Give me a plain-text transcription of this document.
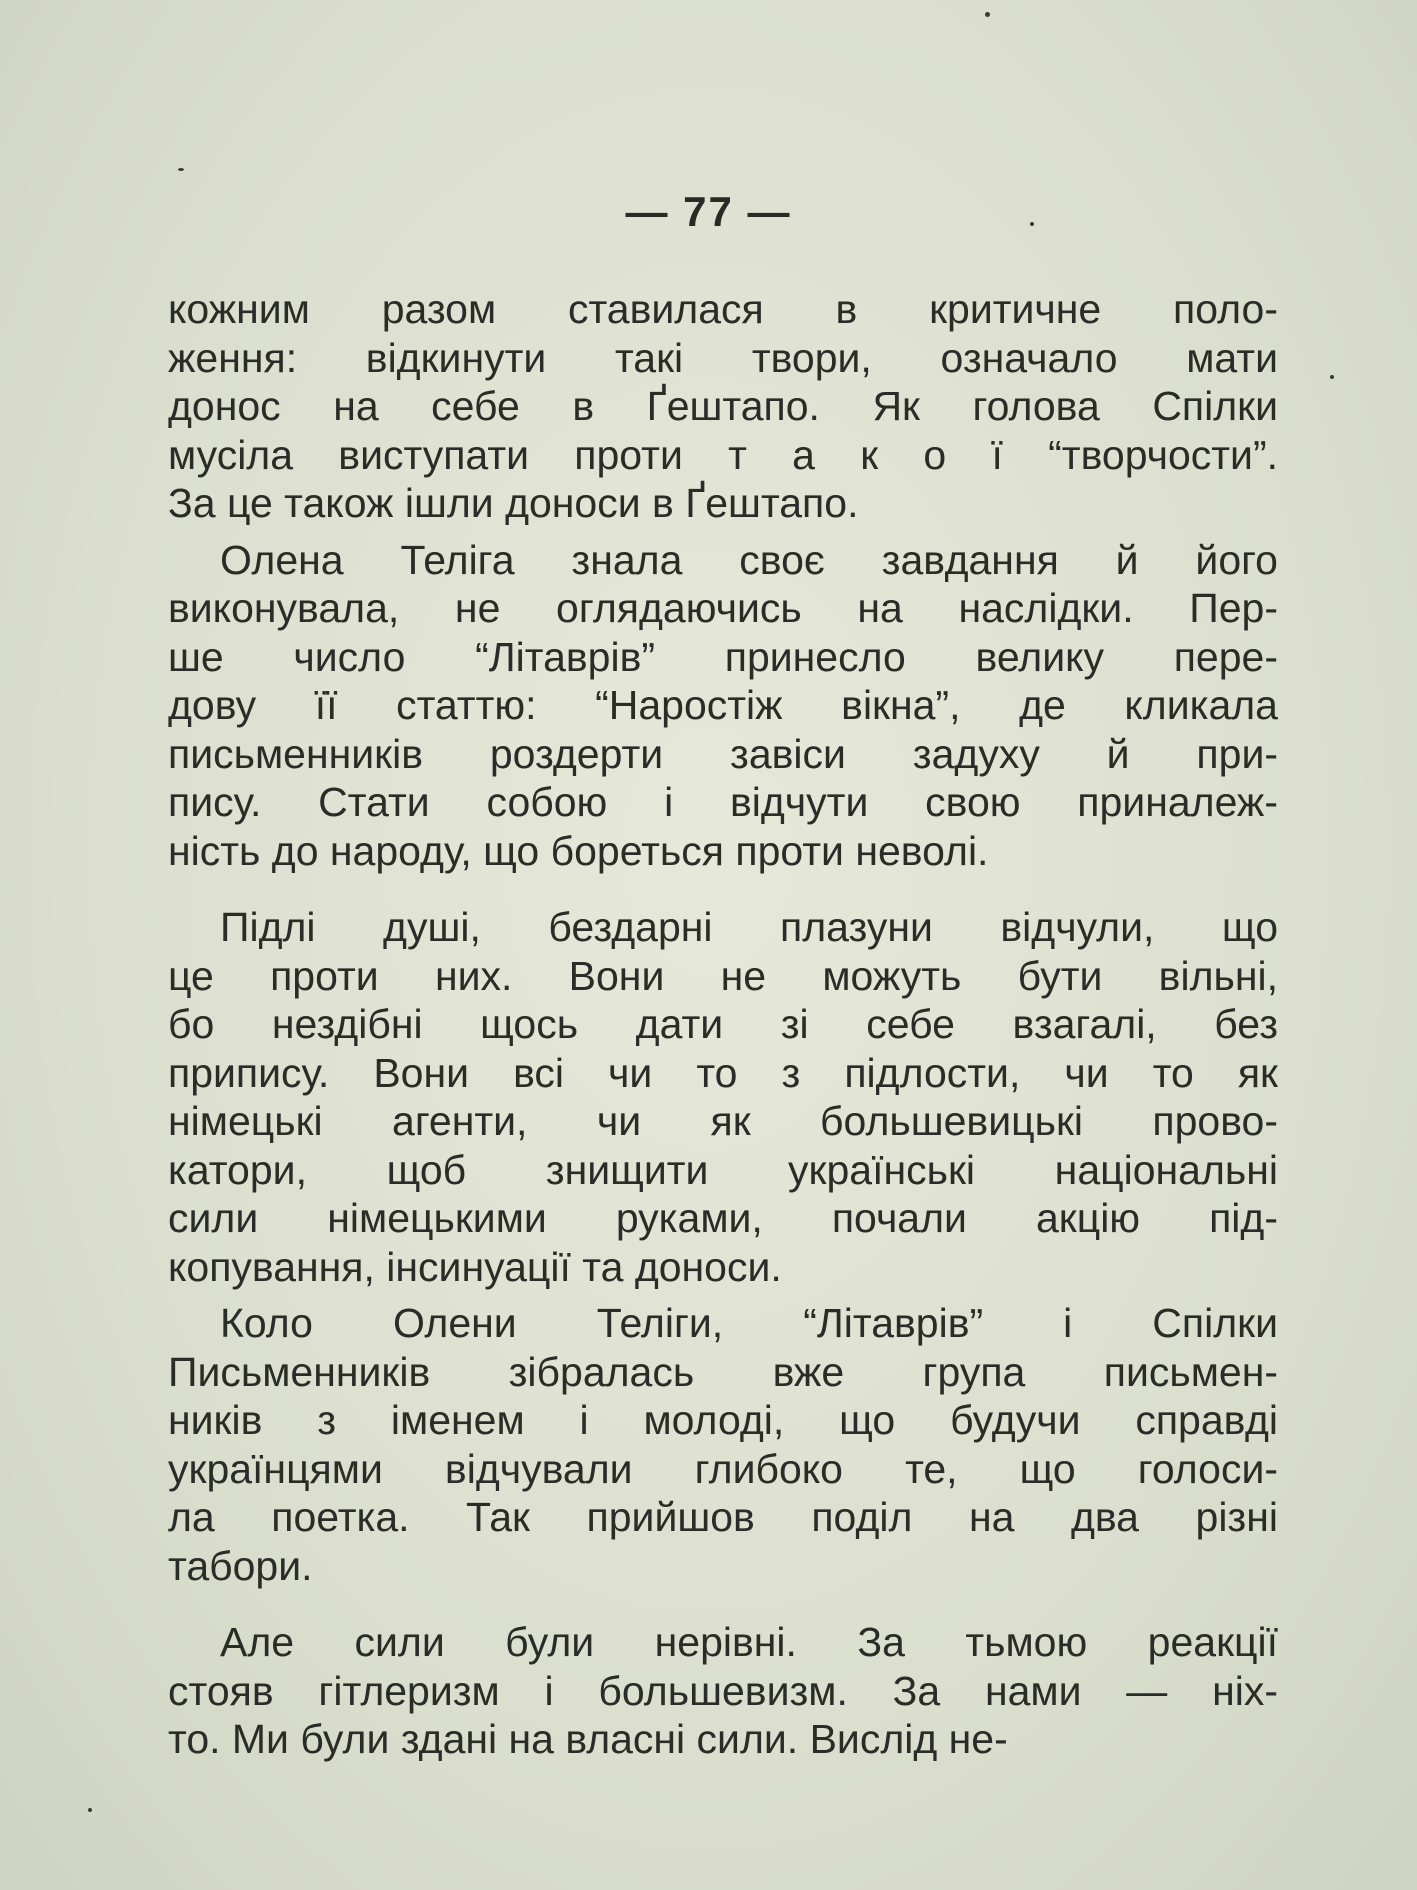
— 77 —
кожним разом ставилася в критичне поло-
ження: відкинути такі твори, означало мати
донос на себе в Ґештапо. Як голова Спілки
мусіла виступати проти т а к о ї “творчости”.
За це також ішли доноси в Ґештапо.
Олена Теліга знала своє завдання й його
виконувала, не оглядаючись на наслідки. Пер-
ше число “Літаврів” принесло велику пере-
дову її статтю: “Наростіж вікна”, де кликала
письменників роздерти завіси задуху й при-
пису. Стати собою і відчути свою приналеж-
ність до народу, що бореться проти неволі.
Підлі душі, бездарні плазуни відчули, що
це проти них. Вони не можуть бути вільні,
бо нездібні щось дати зі себе взагалі, без
припису. Вони всі чи то з підлости, чи то як
німецькі агенти, чи як большевицькі прово-
катори, щоб знищити українські національні
сили німецькими руками, почали акцію під-
копування, інсинуації та доноси.
Коло Олени Теліги, “Літаврів” і Спілки
Письменників зібралась вже група письмен-
ників з іменем і молоді, що будучи справді
українцями відчували глибоко те, що голоси-
ла поетка. Так прийшов поділ на два різні
табори.
Але сили були нерівні. За тьмою реакції
стояв гітлеризм і большевизм. За нами — ніх-
то. Ми були здані на власні сили. Вислід не-
